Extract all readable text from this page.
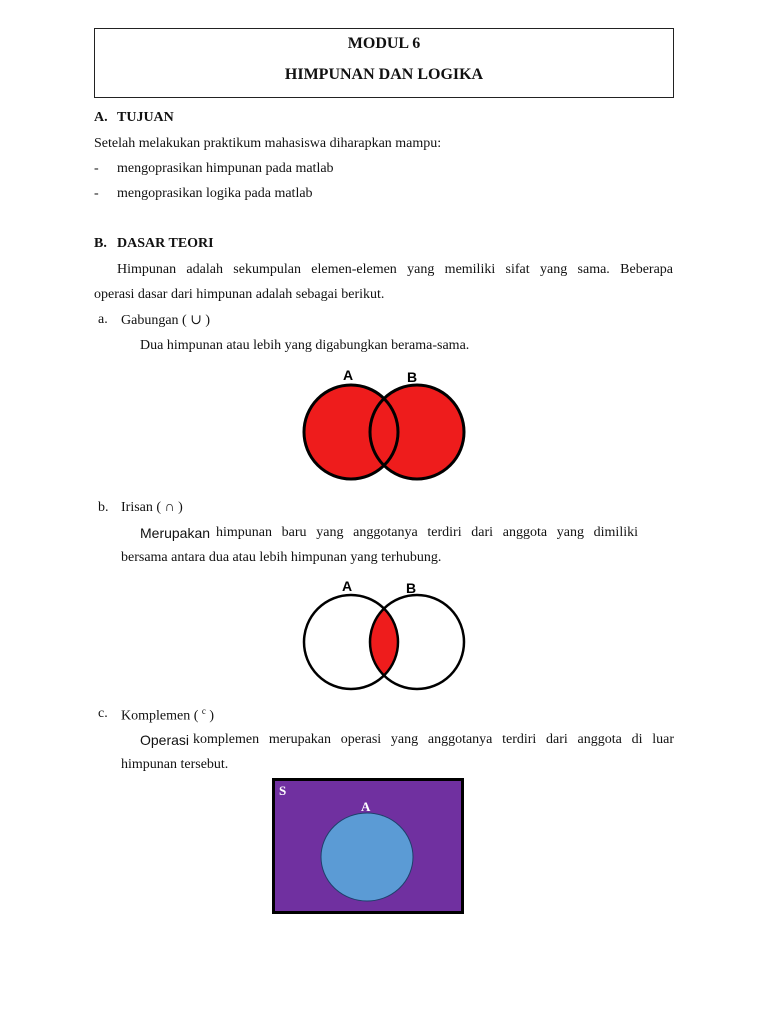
MODUL 6
HIMPUNAN DAN LOGIKA
A. TUJUAN
Setelah melakukan praktikum mahasiswa diharapkan mampu:
- mengoprasikan himpunan pada matlab
- mengoprasikan logika pada matlab
B. DASAR TEORI
Himpunan adalah sekumpulan elemen-elemen yang memiliki sifat yang sama. Beberapa
operasi dasar dari himpunan adalah sebagai berikut.
a. Gabungan ( ∪ )
Dua himpunan atau lebih yang digabungkan berama-sama.
A	B
b. Irisan ( ∩ )
Merupakan himpunan baru yang anggotanya terdiri dari anggota yang dimiliki
bersama antara dua atau lebih himpunan yang terhubung.
A	B
c. Komplemen ( $^c$ )
Operasi komplemen merupakan operasi yang anggotanya terdiri dari anggota di luar
himpunan tersebut.
S
A
